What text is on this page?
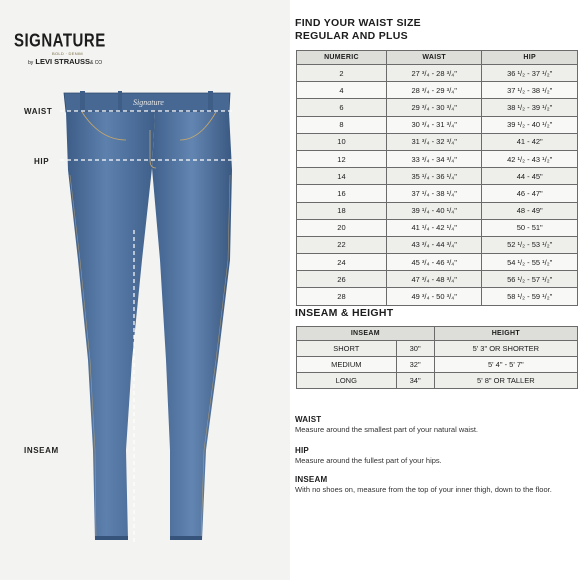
SIGNATURE
BOLD · DENIM
by LEVI STRAUSS& CO
Signature
WAIST
HIP
INSEAM
FIND YOUR WAIST SIZE
REGULAR AND PLUS
NUMERIC	WAIST	HIP
2	27 ³/₄ - 28 ³/₄"	36 ¹/₂ - 37 ¹/₂"
4	28 ³/₄ - 29 ³/₄"	37 ¹/₂ - 38 ¹/₂"
6	29 ³/₄ - 30 ³/₄"	38 ¹/₂ - 39 ¹/₂"
8	30 ³/₄ - 31 ³/₄"	39 ¹/₂ - 40 ¹/₂"
10	31 ³/₄ - 32 ³/₄"	41 - 42"
12	33 ³/₄ - 34 ³/₄"	42 ¹/₂ - 43 ¹/₂"
14	35 ¹/₄ - 36 ¹/₄"	44 - 45"
16	37 ¹/₄ - 38 ¹/₄"	46 - 47"
18	39 ¹/₄ - 40 ¹/₄"	48 - 49"
20	41 ¹/₄ - 42 ¹/₄"	50 - 51"
22	43 ³/₄ - 44 ³/₄"	52 ¹/₂ - 53 ¹/₂"
24	45 ³/₄ - 46 ³/₄"	54 ¹/₂ - 55 ¹/₂"
26	47 ³/₄ - 48 ³/₄"	56 ¹/₂ - 57 ¹/₂"
28	49 ³/₄ - 50 ³/₄"	58 ¹/₂ - 59 ¹/₂"
INSEAM & HEIGHT
INSEAM		HEIGHT
SHORT	30"	5' 3" OR SHORTER
MEDIUM	32"	5' 4" - 5' 7"
LONG	34"	5' 8" OR TALLER
WAIST
Measure around the smallest part of your natural waist.
HIP
Measure around the fullest part of your hips.
INSEAM
With no shoes on, measure from the top of your inner thigh, down to the floor.
